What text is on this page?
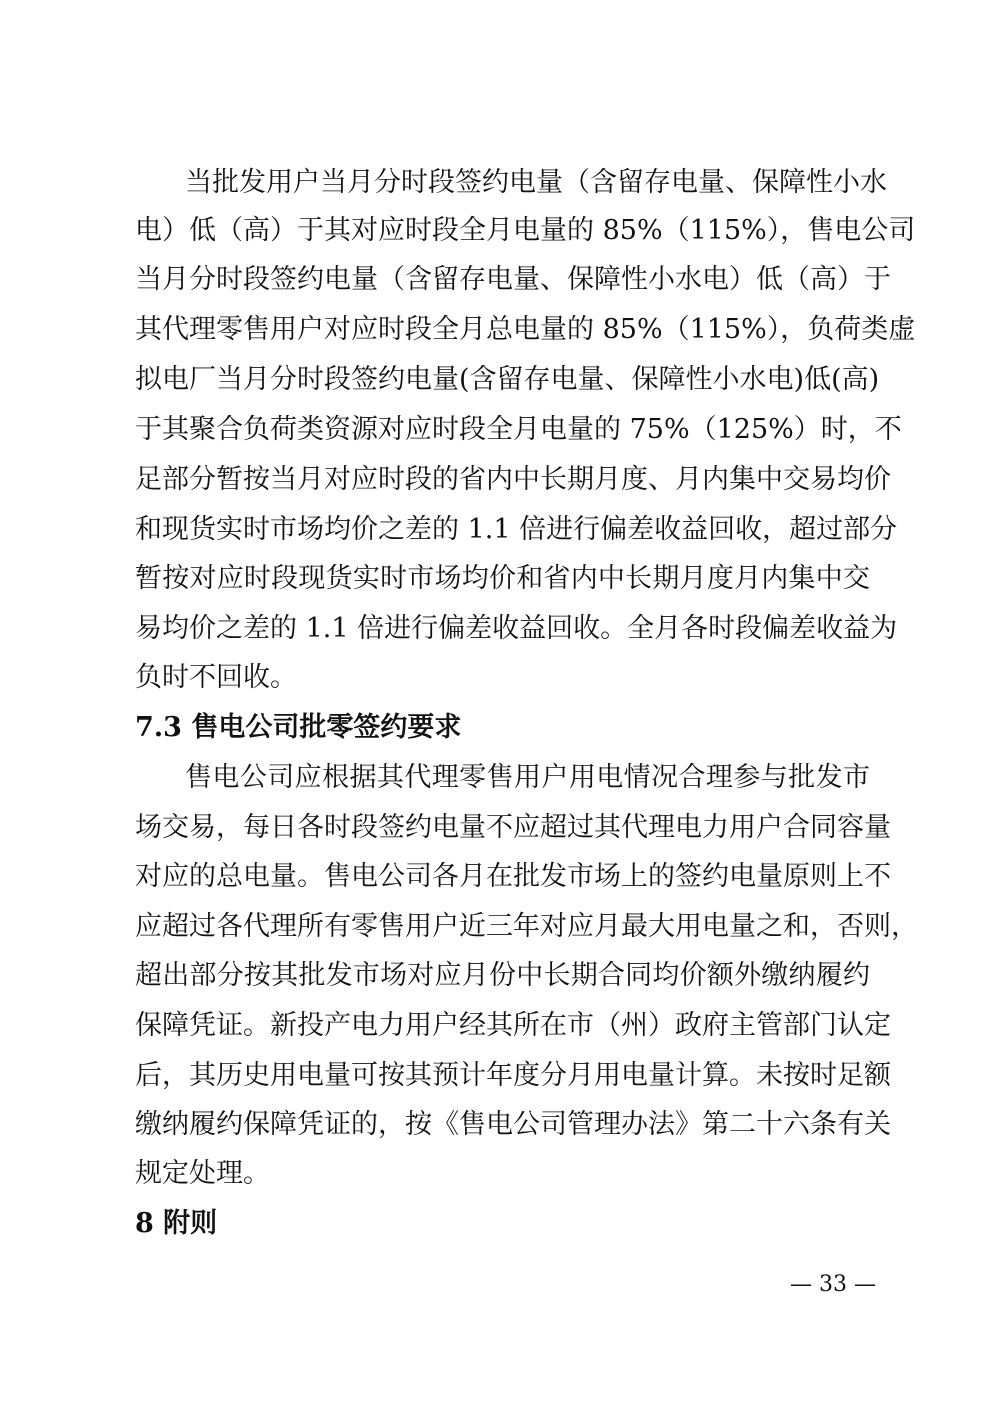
当批发用户当月分时段签约电量（含留存电量、保障性小水
电）低（高）于其对应时段全月电量的 85%（115%），售电公司
当月分时段签约电量（含留存电量、保障性小水电）低（高）于
其代理零售用户对应时段全月总电量的 85%（115%），负荷类虚
拟电厂当月分时段签约电量(含留存电量、保障性小水电)低(高)
于其聚合负荷类资源对应时段全月电量的 75%（125%）时，不
足部分暂按当月对应时段的省内中长期月度、月内集中交易均价
和现货实时市场均价之差的 1.1 倍进行偏差收益回收，超过部分
暂按对应时段现货实时市场均价和省内中长期月度月内集中交
易均价之差的 1.1 倍进行偏差收益回收。全月各时段偏差收益为
负时不回收。
7.3 售电公司批零签约要求
售电公司应根据其代理零售用户用电情况合理参与批发市
场交易，每日各时段签约电量不应超过其代理电力用户合同容量
对应的总电量。售电公司各月在批发市场上的签约电量原则上不
应超过各代理所有零售用户近三年对应月最大用电量之和，否则，
超出部分按其批发市场对应月份中长期合同均价额外缴纳履约
保障凭证。新投产电力用户经其所在市（州）政府主管部门认定
后，其历史用电量可按其预计年度分月用电量计算。未按时足额
缴纳履约保障凭证的，按《售电公司管理办法》第二十六条有关
规定处理。
8 附则
— 33 —
